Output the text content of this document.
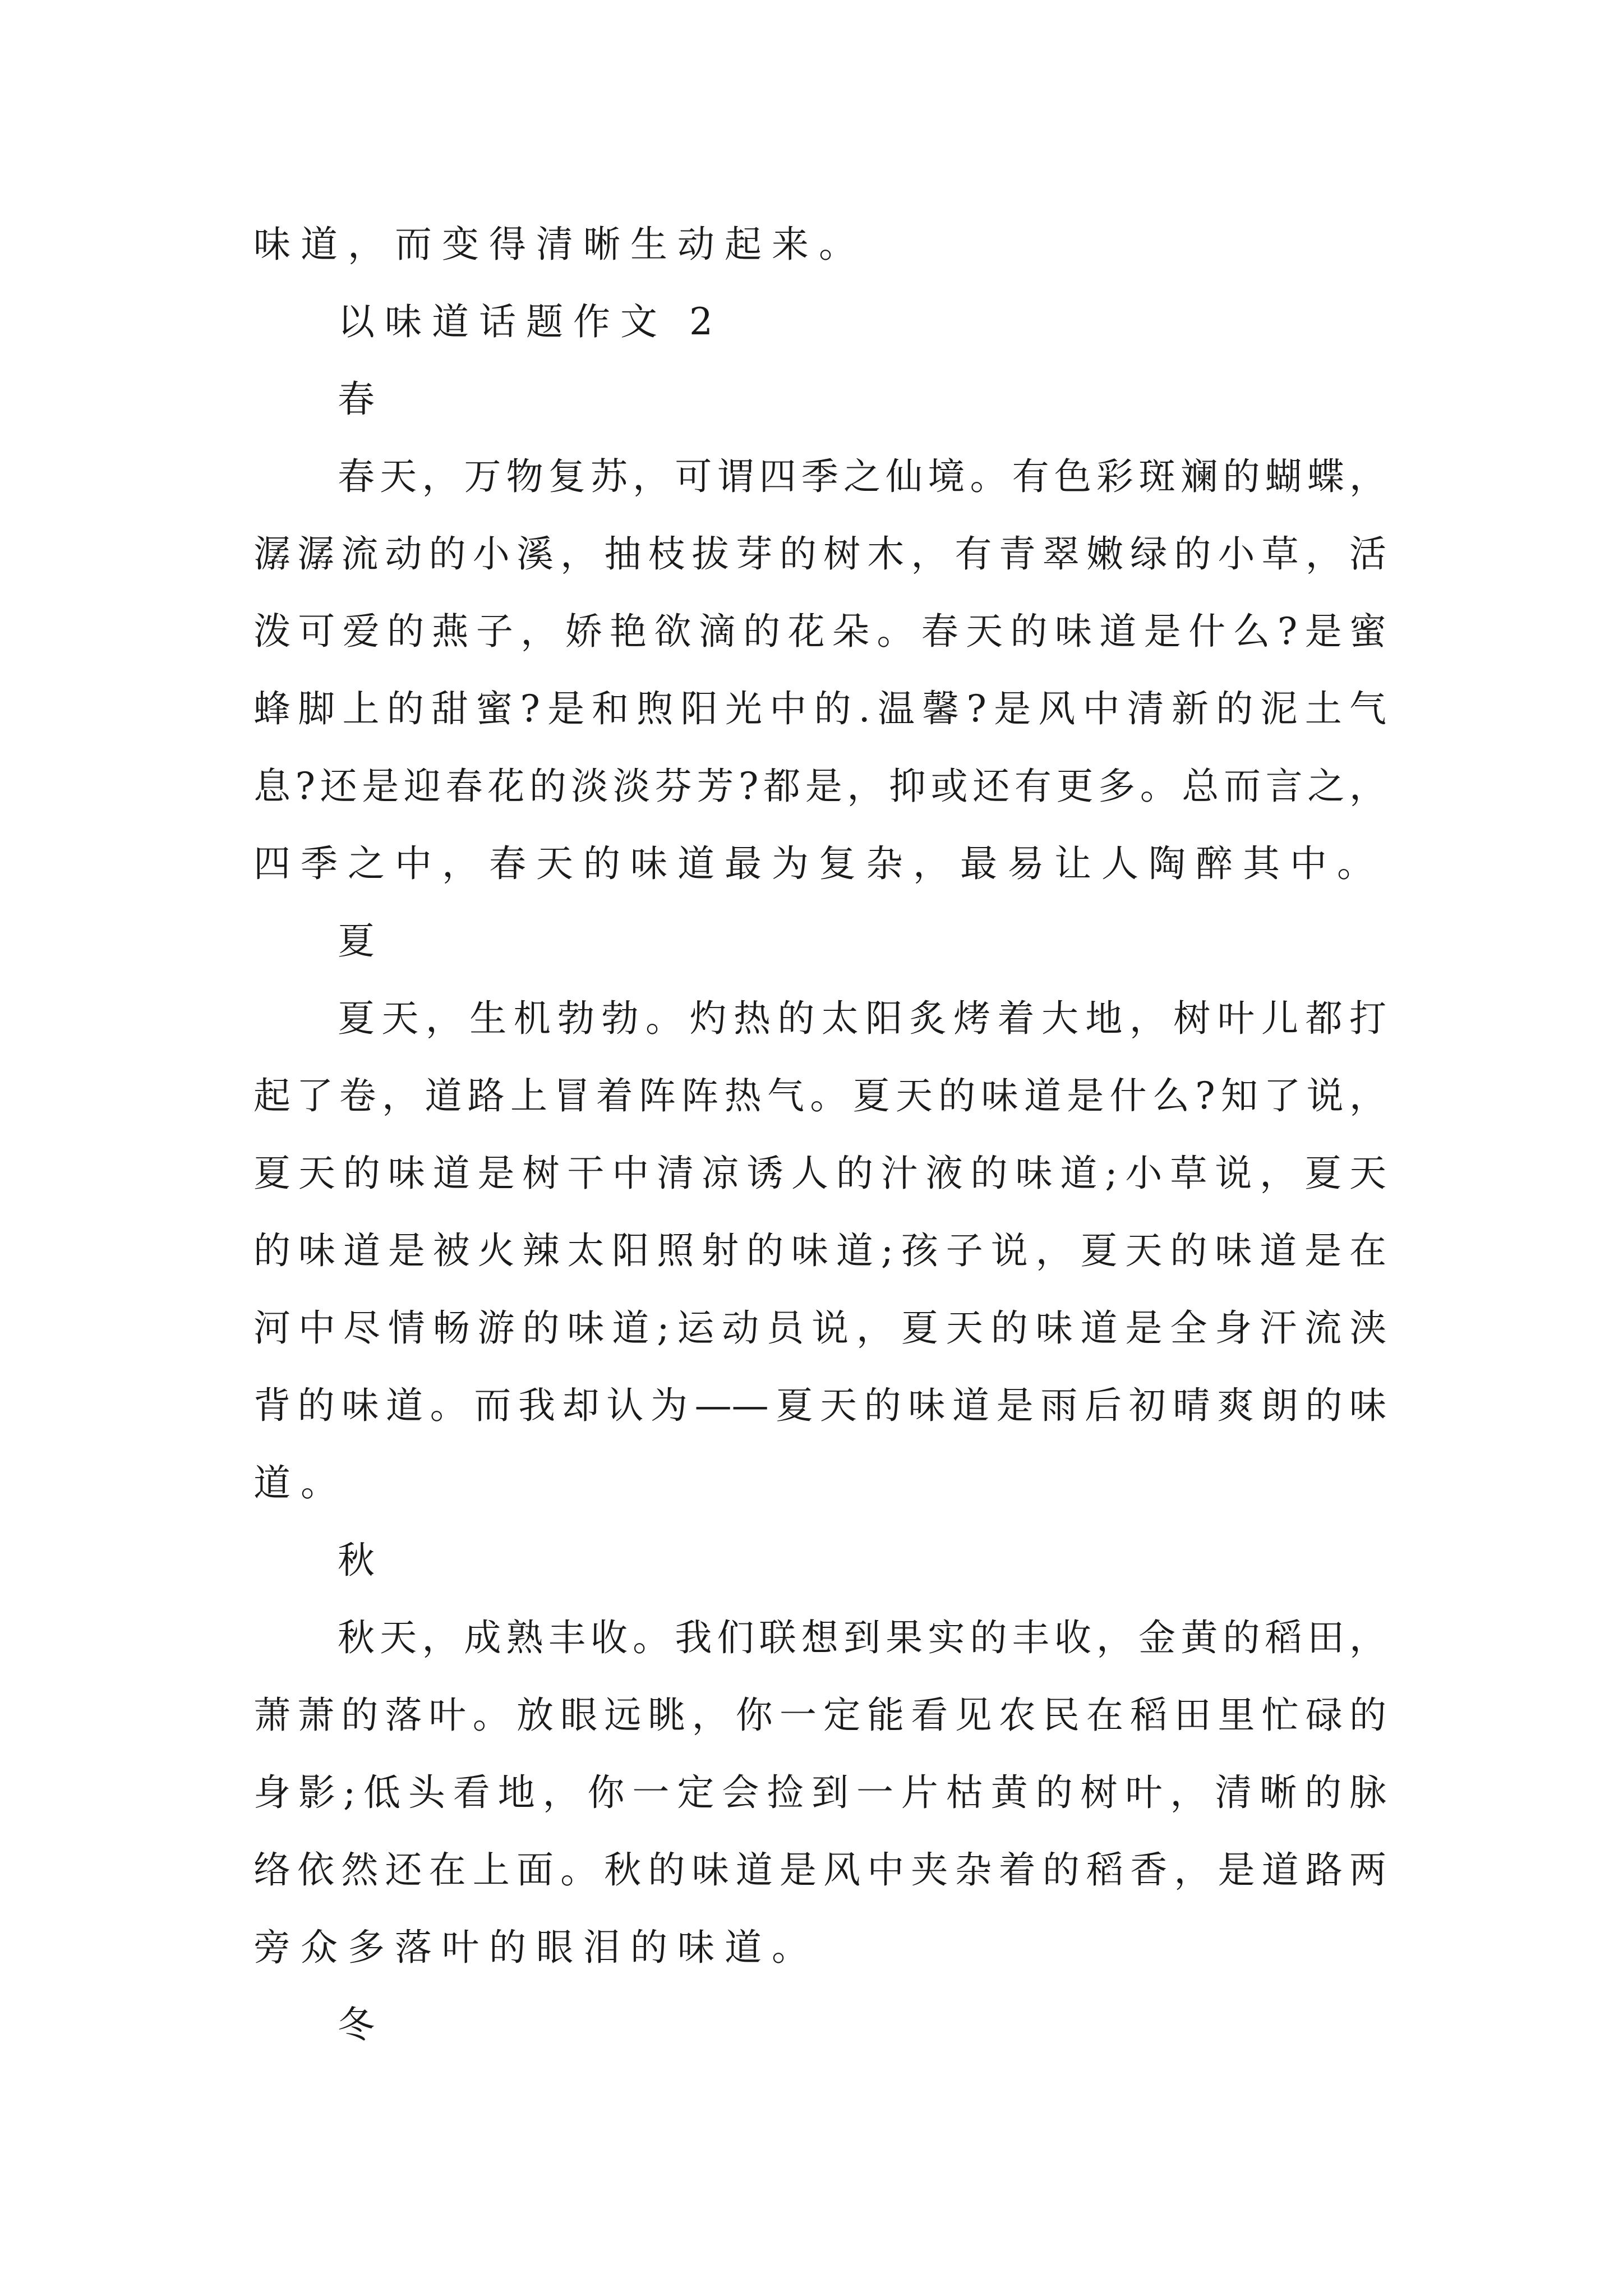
味道，而变得清晰生动起来。

以味道话题作文 2

春

春天，万物复苏，可谓四季之仙境。有色彩斑斓的蝴蝶，

潺潺流动的小溪，抽枝拔芽的树木，有青翠嫩绿的小草，活

泼可爱的燕子，娇艳欲滴的花朵。春天的味道是什么?是蜜

蜂脚上的甜蜜?是和煦阳光中的.温馨?是风中清新的泥土气

息?还是迎春花的淡淡芬芳?都是，抑或还有更多。总而言之，

四季之中，春天的味道最为复杂，最易让人陶醉其中。

夏

夏天，生机勃勃。灼热的太阳炙烤着大地，树叶儿都打

起了卷，道路上冒着阵阵热气。夏天的味道是什么?知了说，

夏天的味道是树干中清凉诱人的汁液的味道;小草说，夏天

的味道是被火辣太阳照射的味道;孩子说，夏天的味道是在

河中尽情畅游的味道;运动员说，夏天的味道是全身汗流浃

背的味道。而我却认为——夏天的味道是雨后初晴爽朗的味

道。

秋

秋天，成熟丰收。我们联想到果实的丰收，金黄的稻田，

萧萧的落叶。放眼远眺，你一定能看见农民在稻田里忙碌的

身影;低头看地，你一定会捡到一片枯黄的树叶，清晰的脉

络依然还在上面。秋的味道是风中夹杂着的稻香，是道路两

旁众多落叶的眼泪的味道。

冬
